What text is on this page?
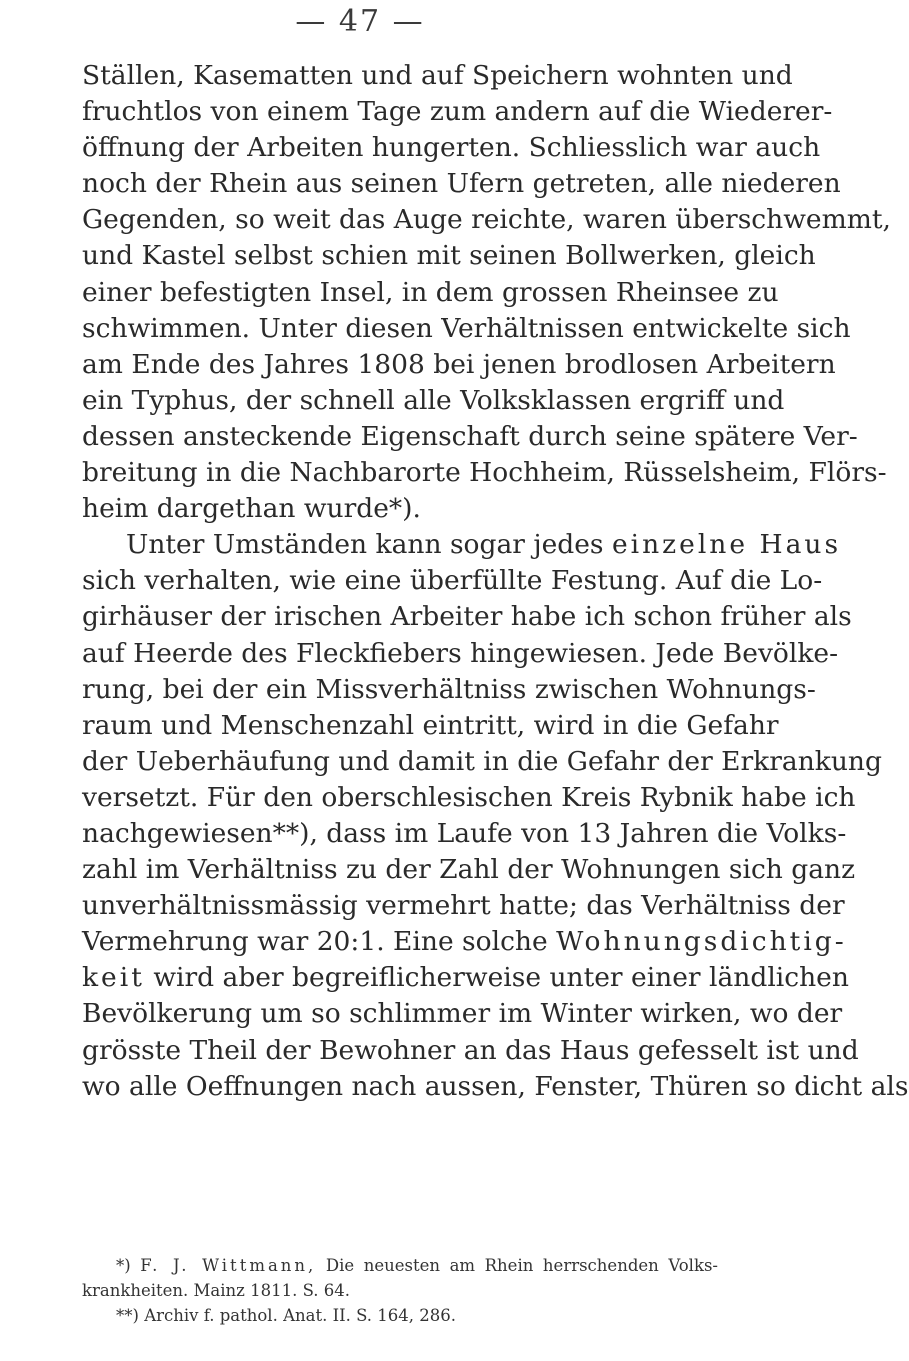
— 47 —
Ställen, Kasematten und auf Speichern wohnten und
fruchtlos von einem Tage zum andern auf die Wiederer-
öffnung der Arbeiten hungerten. Schliesslich war auch
noch der Rhein aus seinen Ufern getreten, alle niederen
Gegenden, so weit das Auge reichte, waren überschwemmt,
und Kastel selbst schien mit seinen Bollwerken, gleich
einer befestigten Insel, in dem grossen Rheinsee zu
schwimmen. Unter diesen Verhältnissen entwickelte sich
am Ende des Jahres 1808 bei jenen brodlosen Arbeitern
ein Typhus, der schnell alle Volksklassen ergriff und
dessen ansteckende Eigenschaft durch seine spätere Ver-
breitung in die Nachbarorte Hochheim, Rüsselsheim, Flörs-
heim dargethan wurde*).
Unter Umständen kann sogar jedes einzelne Haus
sich verhalten, wie eine überfüllte Festung. Auf die Lo-
girhäuser der irischen Arbeiter habe ich schon früher als
auf Heerde des Fleckfiebers hingewiesen. Jede Bevölke-
rung, bei der ein Missverhältniss zwischen Wohnungs-
raum und Menschenzahl eintritt, wird in die Gefahr
der Ueberhäufung und damit in die Gefahr der Erkrankung
versetzt. Für den oberschlesischen Kreis Rybnik habe ich
nachgewiesen**), dass im Laufe von 13 Jahren die Volks-
zahl im Verhältniss zu der Zahl der Wohnungen sich ganz
unverhältnissmässig vermehrt hatte; das Verhältniss der
Vermehrung war 20:1. Eine solche Wohnungsdichtig-
keit wird aber begreiflicherweise unter einer ländlichen
Bevölkerung um so schlimmer im Winter wirken, wo der
grösste Theil der Bewohner an das Haus gefesselt ist und
wo alle Oeffnungen nach aussen, Fenster, Thüren so dicht als
*) F. J. Wittmann, Die neuesten am Rhein herrschenden Volks-
krankheiten. Mainz 1811. S. 64.
**) Archiv f. pathol. Anat. II. S. 164, 286.
